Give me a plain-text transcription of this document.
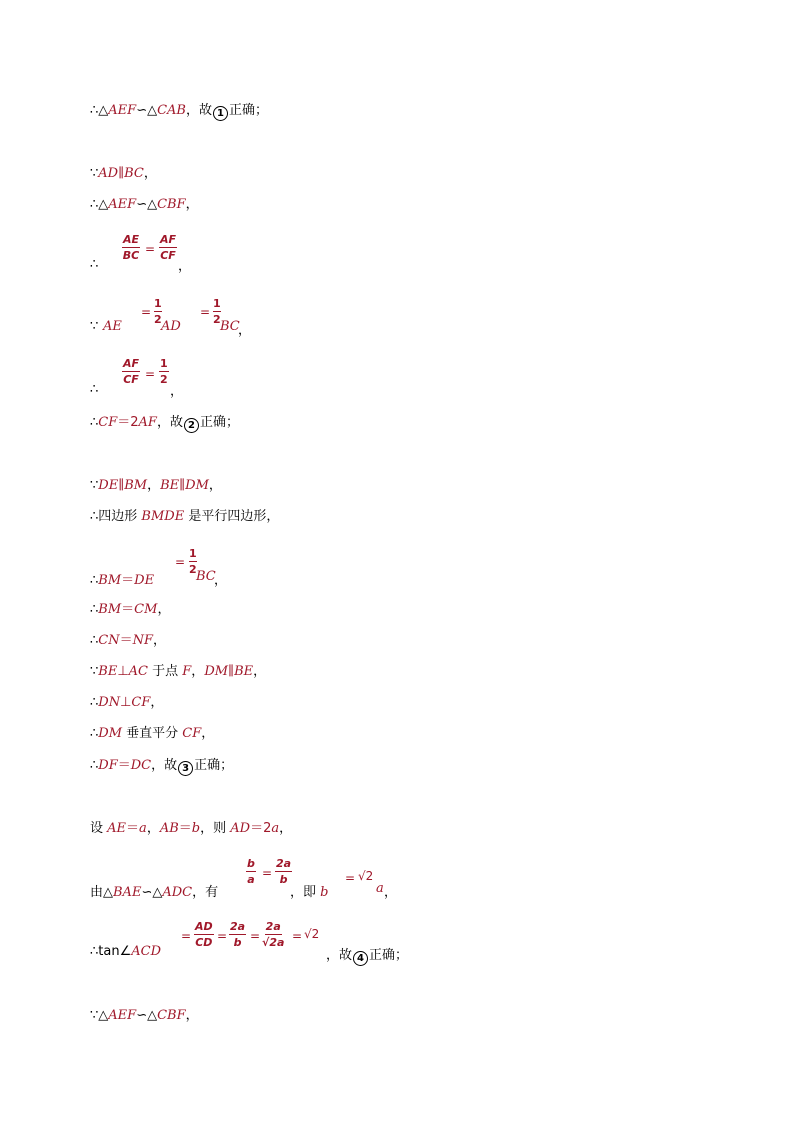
∴△AEF∽△CAB，故 1 正确；
∵AD∥BC，
∴△AEF∽△CBF，
∴
$\frac{AE}{BC} = \frac{AF}{CF}$
，
∵ AE
= $\frac{1}{2}$
AD
= $\frac{1}{2}$
BC
，
∴
$\frac{AF}{CF} = \frac{1}{2}$
，
∴CF＝2AF，故 2 正确；
∵DE∥BM，BE∥DM，
∴四边形 BMDE 是平行四边形，
∴BM＝DE
= $\frac{1}{2}$
BC
，
∴BM＝CM，
∴CN＝NF，
∵BE⊥AC 于点 F，DM∥BE，
∴DN⊥CF，
∴DM 垂直平分 CF，
∴DF＝DC，故 3 正确；
设 AE＝a，AB＝b，则 AD＝2a，
由△BAE∽△ADC，有
$\frac{b}{a} = \frac{2a}{b}$
，即 b
= √2
a ，
∴tan∠ACD
= $\frac{AD}{CD} = \frac{2a}{b} = \frac{2a}{√2a} = √2$
，故 4 正确；
∵△AEF∽△CBF，
